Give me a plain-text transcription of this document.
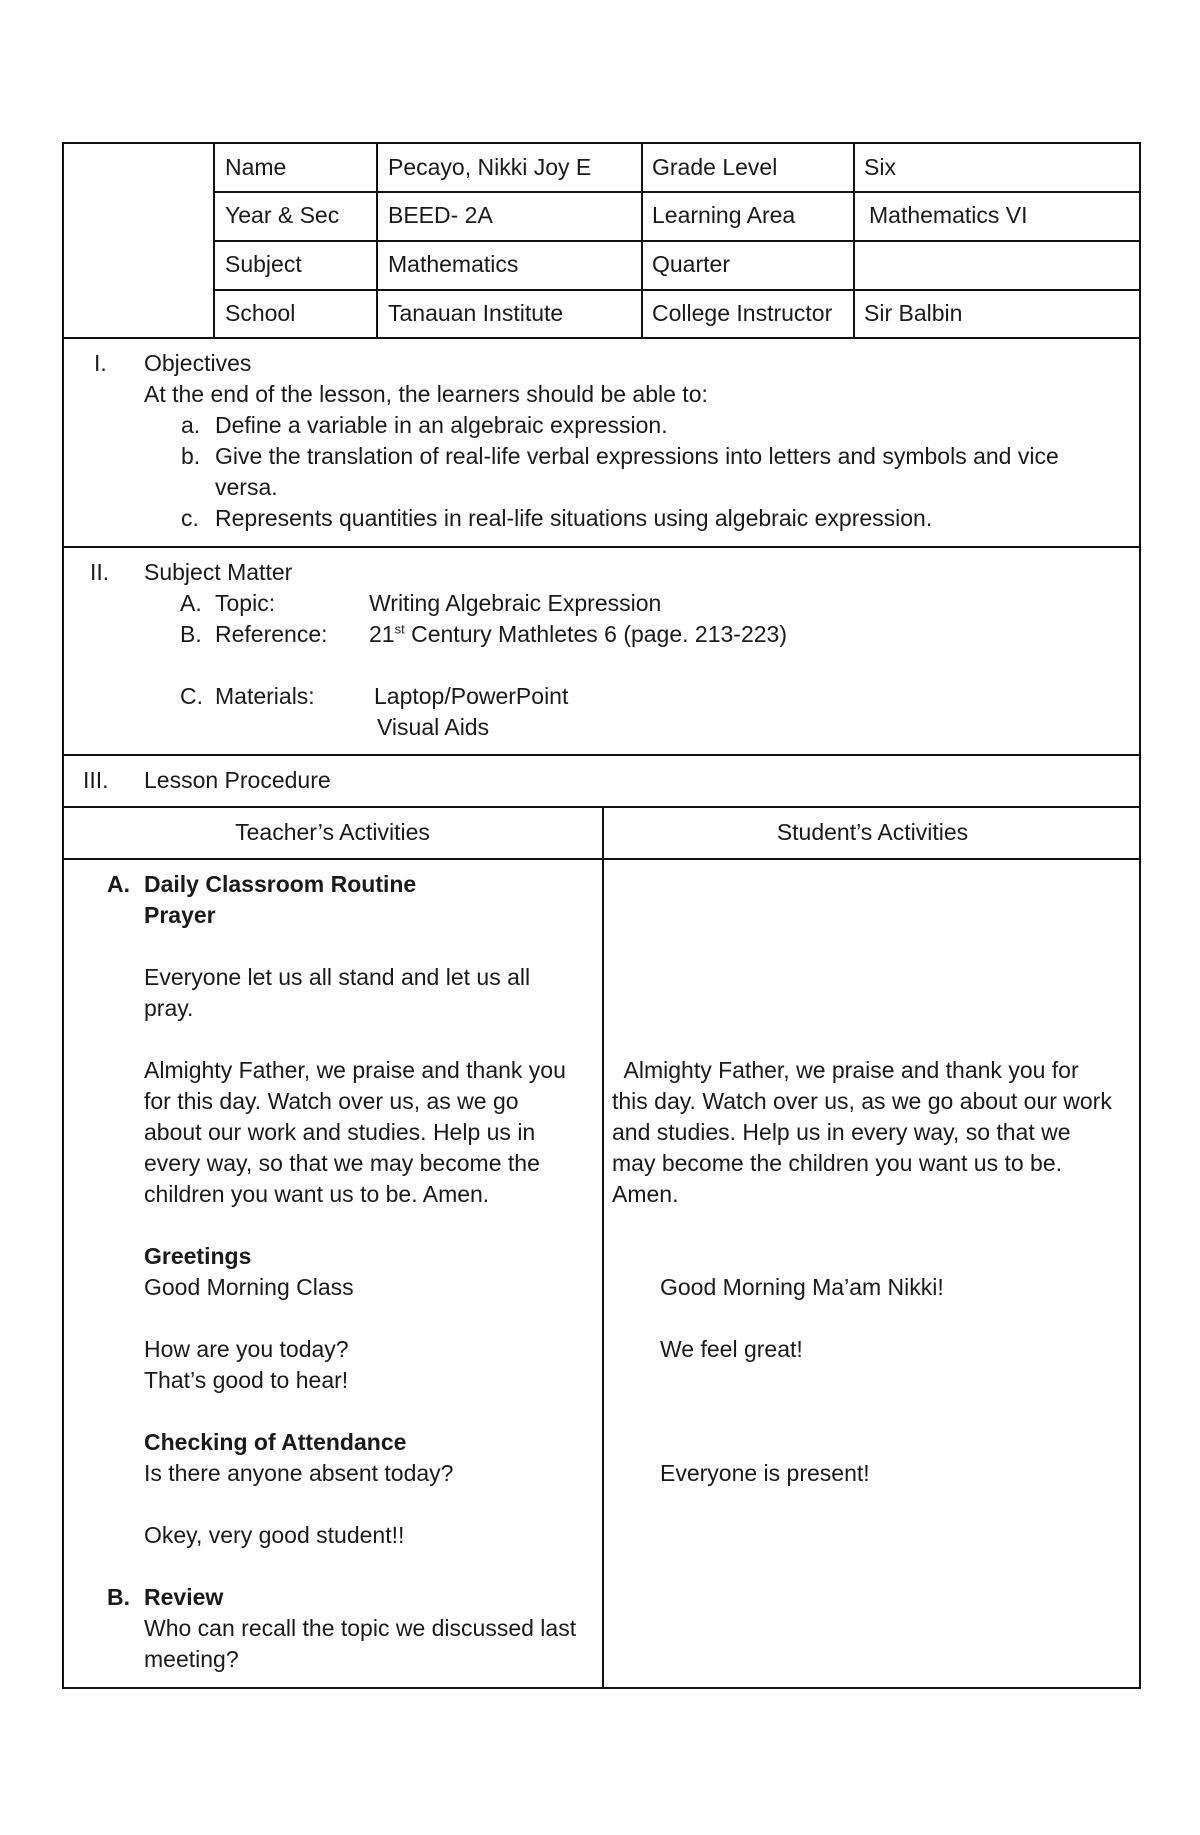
Name	Pecayo, Nikki Joy E	Grade Level	Six
Year & Sec BEED- 2A	Learning Area	Mathematics VI
Subject	Mathematics	Quarter
School	Tanauan Institute	College Instructor Sir Balbin
I. Objectives
At the end of the lesson, the learners should be able to:
a. Define a variable in an algebraic expression.
b. Give the translation of real-life verbal expressions into letters and symbols and vice
versa.
c. Represents quantities in real-life situations using algebraic expression.
II. Subject Matter
A. Topic:	Writing Algebraic Expression
B. Reference: 21st Century Mathletes 6 (page. 213-223)
C. Materials:	Laptop/PowerPoint
Visual Aids
III. Lesson Procedure
Teacher’s Activities	Student’s Activities
A. Daily Classroom Routine
Prayer
Everyone let us all stand and let us all
pray.
Almighty Father, we praise and thank you
for this day. Watch over us, as we go
about our work and studies. Help us in
every way, so that we may become the
children you want us to be. Amen.
Greetings
Good Morning Class
How are you today?
That’s good to hear!
Checking of Attendance
Is there anyone absent today?
Okey, very good student!!
B. Review
Who can recall the topic we discussed last
meeting?
Almighty Father, we praise and thank you for
this day. Watch over us, as we go about our work
and studies. Help us in every way, so that we
may become the children you want us to be.
Amen.
Good Morning Ma’am Nikki!
We feel great!
Everyone is present!
